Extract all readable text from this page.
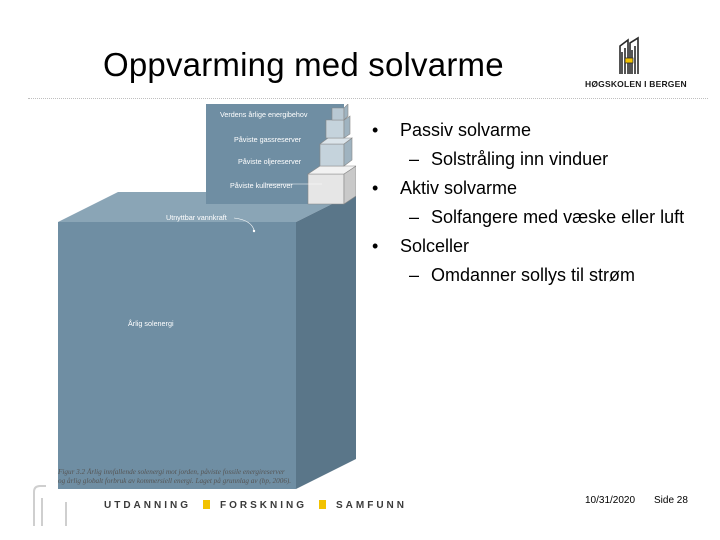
Oppvarming med solvarme
HØGSKOLEN I BERGEN
Verdens årlige energibehov
Påviste gassreserver
Påviste oljereserver
Påviste kullreserver
Utnyttbar vannkraft
Årlig solenergi
Figur 3.2 Årlig innfallende solenergi mot jorden, påviste fossile energireserver
og årlig globalt forbruk av kommersiell energi. Laget på grunnlag av (bp, 2006).
• Passiv solvarme
– Solstråling inn vinduer
• Aktiv solvarme
– Solfangere med væske eller luft
• Solceller
– Omdanner sollys til strøm
UTDANNING	FORSKNING	SAMFUNN	10/31/2020 Side 28
